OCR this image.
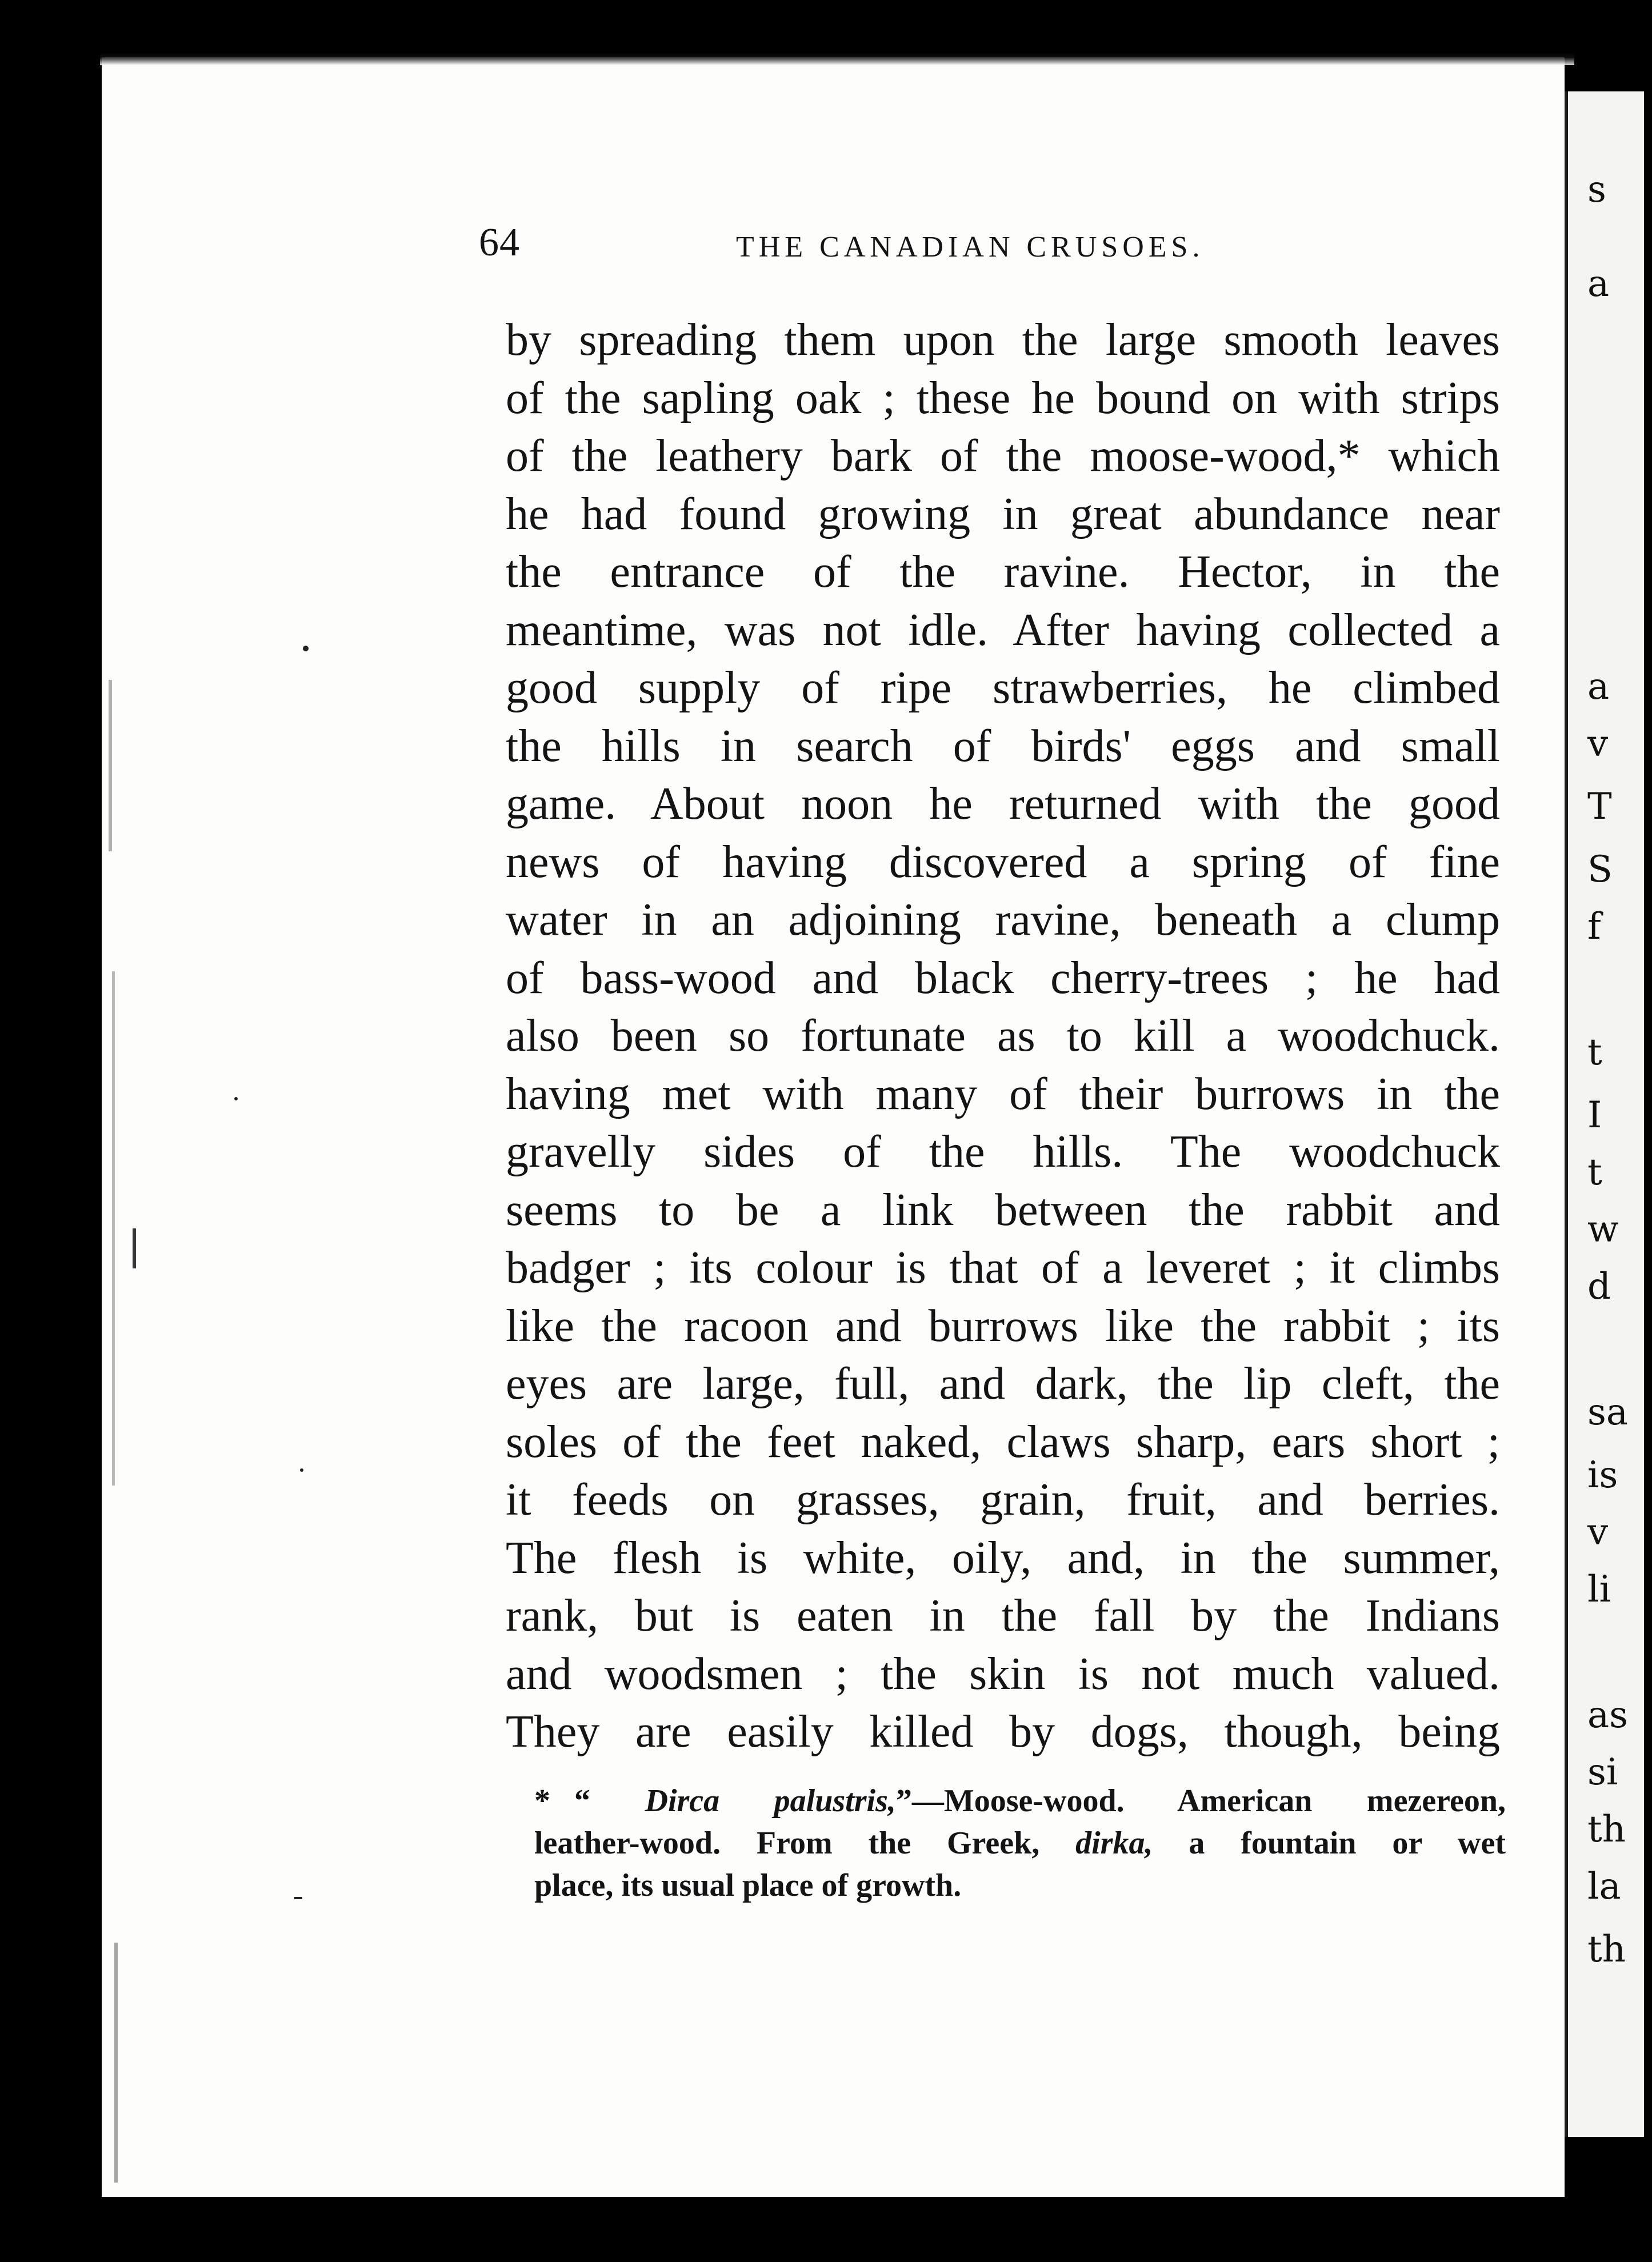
s
a
a
v
T
S
f
t
I
t
w
d
sa
is
v
li
as
si
th
la
th
64	THE CANADIAN CRUSOES.
by spreading them upon the large smooth leaves
of the sapling oak ; these he bound on with strips
of the leathery bark of the moose-wood,* which
he had found growing in great abundance near
the entrance of the ravine. Hector, in the
meantime, was not idle. After having collected a
good supply of ripe strawberries, he climbed
the hills in search of birds' eggs and small
game. About noon he returned with the good
news of having discovered a spring of fine
water in an adjoining ravine, beneath a clump
of bass-wood and black cherry-trees ; he had
also been so fortunate as to kill a woodchuck.
having met with many of their burrows in the
gravelly sides of the hills. The woodchuck
seems to be a link between the rabbit and
badger ; its colour is that of a leveret ; it climbs
like the racoon and burrows like the rabbit ; its
eyes are large, full, and dark, the lip cleft, the
soles of the feet naked, claws sharp, ears short ;
it feeds on grasses, grain, fruit, and berries.
The flesh is white, oily, and, in the summer,
rank, but is eaten in the fall by the Indians
and woodsmen ; the skin is not much valued.
They are easily killed by dogs, though, being
* “ Dirca palustris,”—Moose-wood. American mezereon,
leather-wood. From the Greek, dirka, a fountain or wet
place, its usual place of growth.
